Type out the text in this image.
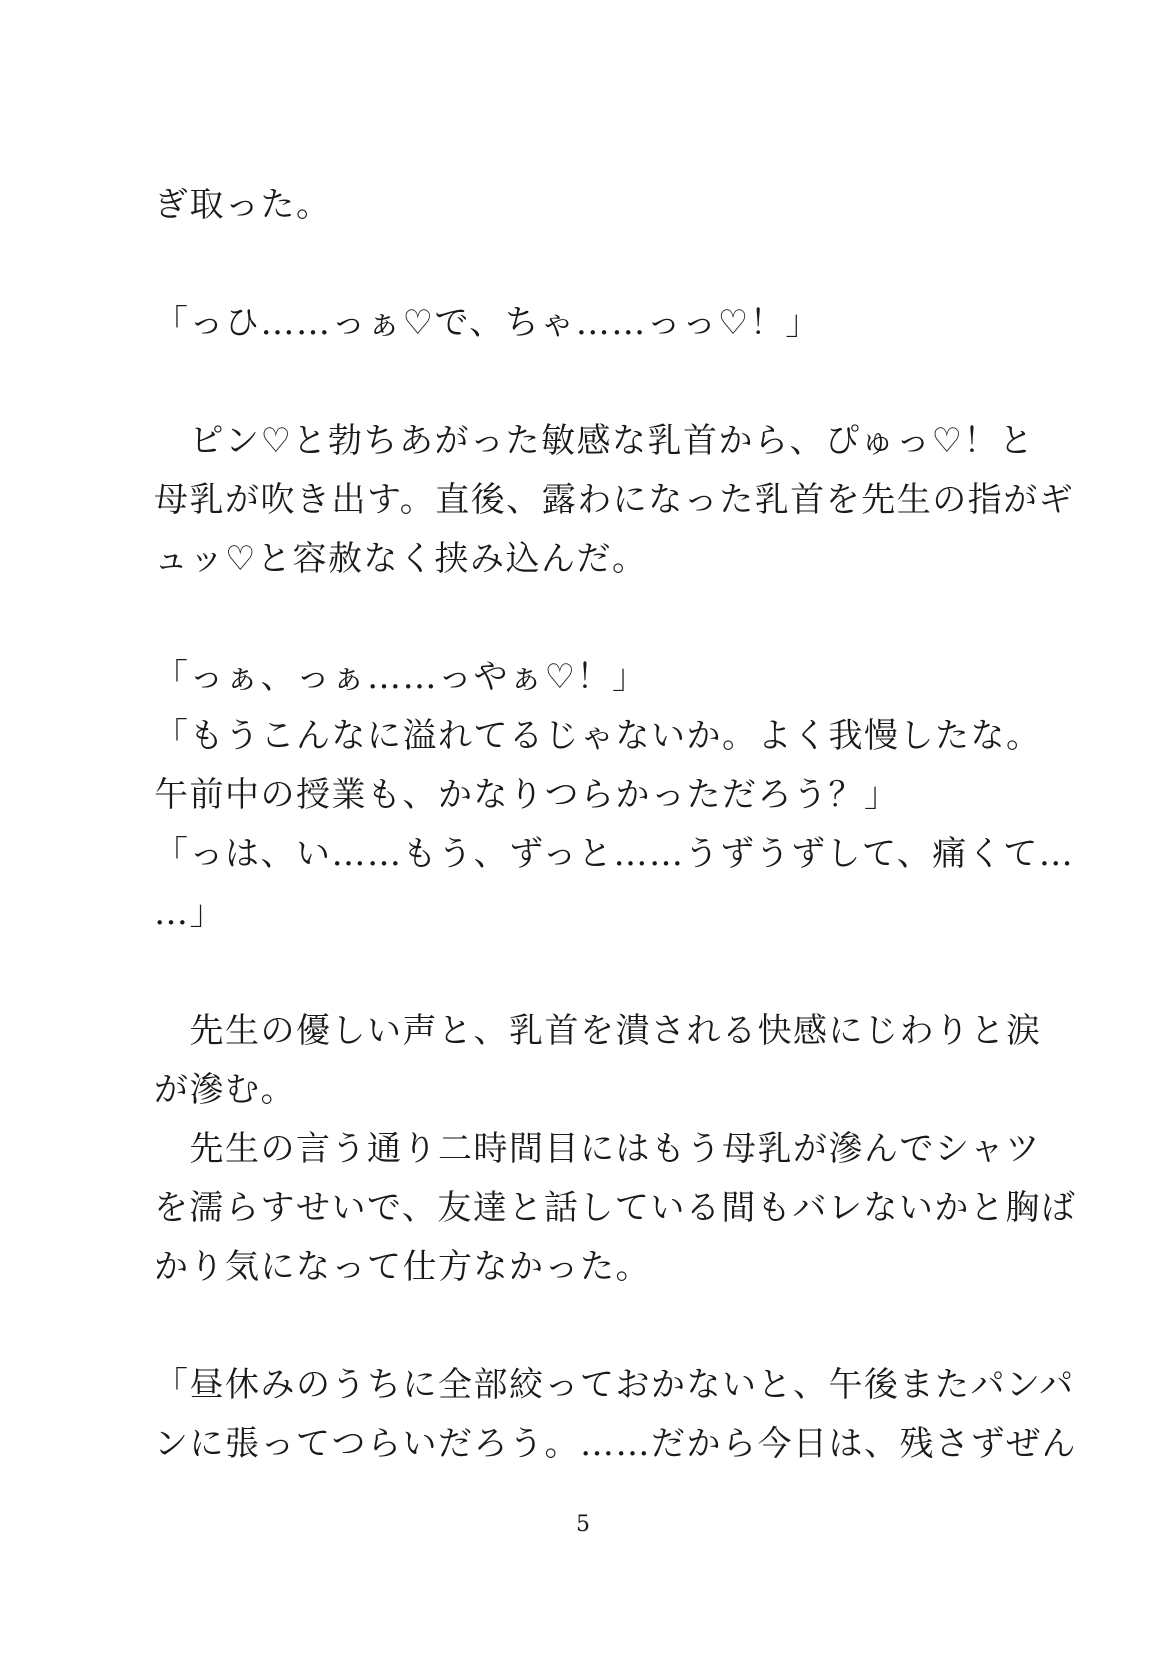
ぎ取った。
「っひ……っぁ♡で、ちゃ……っっ♡！」
　ピン♡と勃ちあがった敏感な乳首から、ぴゅっ♡！と
母乳が吹き出す。直後、露わになった乳首を先生の指がギ
ュッ♡と容赦なく挟み込んだ。
「っぁ、っぁ……っやぁ♡！」
「もうこんなに溢れてるじゃないか。よく我慢したな。
午前中の授業も、かなりつらかっただろう？」
「っは、い……もう、ずっと……うずうずして、痛くて…
…」
　先生の優しい声と、乳首を潰される快感にじわりと涙
が滲む。
　先生の言う通り二時間目にはもう母乳が滲んでシャツ
を濡らすせいで、友達と話している間もバレないかと胸ば
かり気になって仕方なかった。
「昼休みのうちに全部絞っておかないと、午後またパンパ
ンに張ってつらいだろう。……だから今日は、残さずぜん
5
